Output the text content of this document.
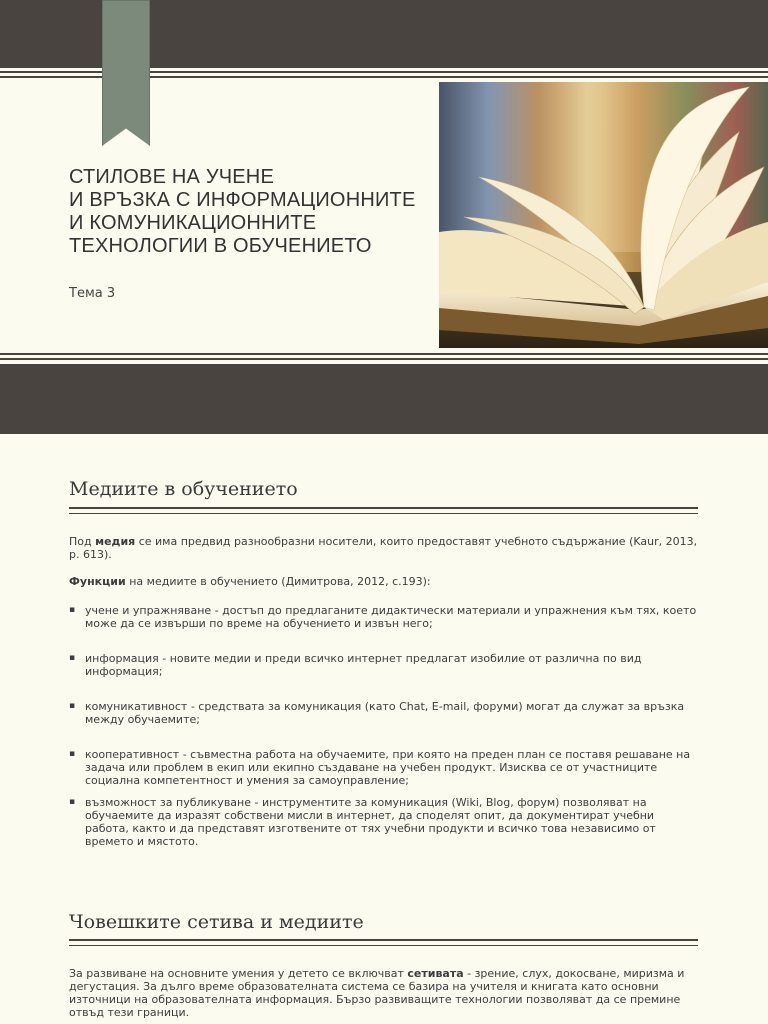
СТИЛОВЕ НА УЧЕНЕ
И ВРЪЗКА С ИНФОРМАЦИОННИТЕ
И КОМУНИКАЦИОННИТЕ
ТЕХНОЛОГИИ В ОБУЧЕНИЕТО
Тема 3
Медиите в обучението

Под медия се има предвид разнообразни носители, които предоставят учебното съдържание (Kaur, 2013, p. 613).

Функции на медиите в обучението (Димитрова, 2012, с.193):

▪ учене и упражняване - достъп до предлаганите дидактически материали и упражнения към тях, което може да се извърши по време на обучението и извън него;
▪ информация - новите медии и преди всичко интернет предлагат изобилие от различна по вид информация;
▪ комуникативност - средствата за комуникация (като Chat, E-mail, форуми) могат да служат за връзка между обучаемите;
▪ кооперативност - съвместна работа на обучаемите, при която на преден план се поставя решаване на задача или проблем в екип или екипно създаване на учебен продукт. Изисква се от участниците социална компетентност и умения за самоуправление;
▪ възможност за публикуване - инструментите за комуникация (Wiki, Blog, форум) позволяват на обучаемите да изразят собствени мисли в интернет, да споделят опит, да документират учебни работа, както и да представят изготвените от тях учебни продукти и всичко това независимо от времето и мястото.
Човешките сетива и медиите

За развиване на основните умения у детето се включват сетивата - зрение, слух, докосване, миризма и дегустация. За дълго време образователната система се базира на учителя и книгата като основни източници на образователната информация. Бързо развиващите технологии позволяват да се премине отвъд тези граници.
